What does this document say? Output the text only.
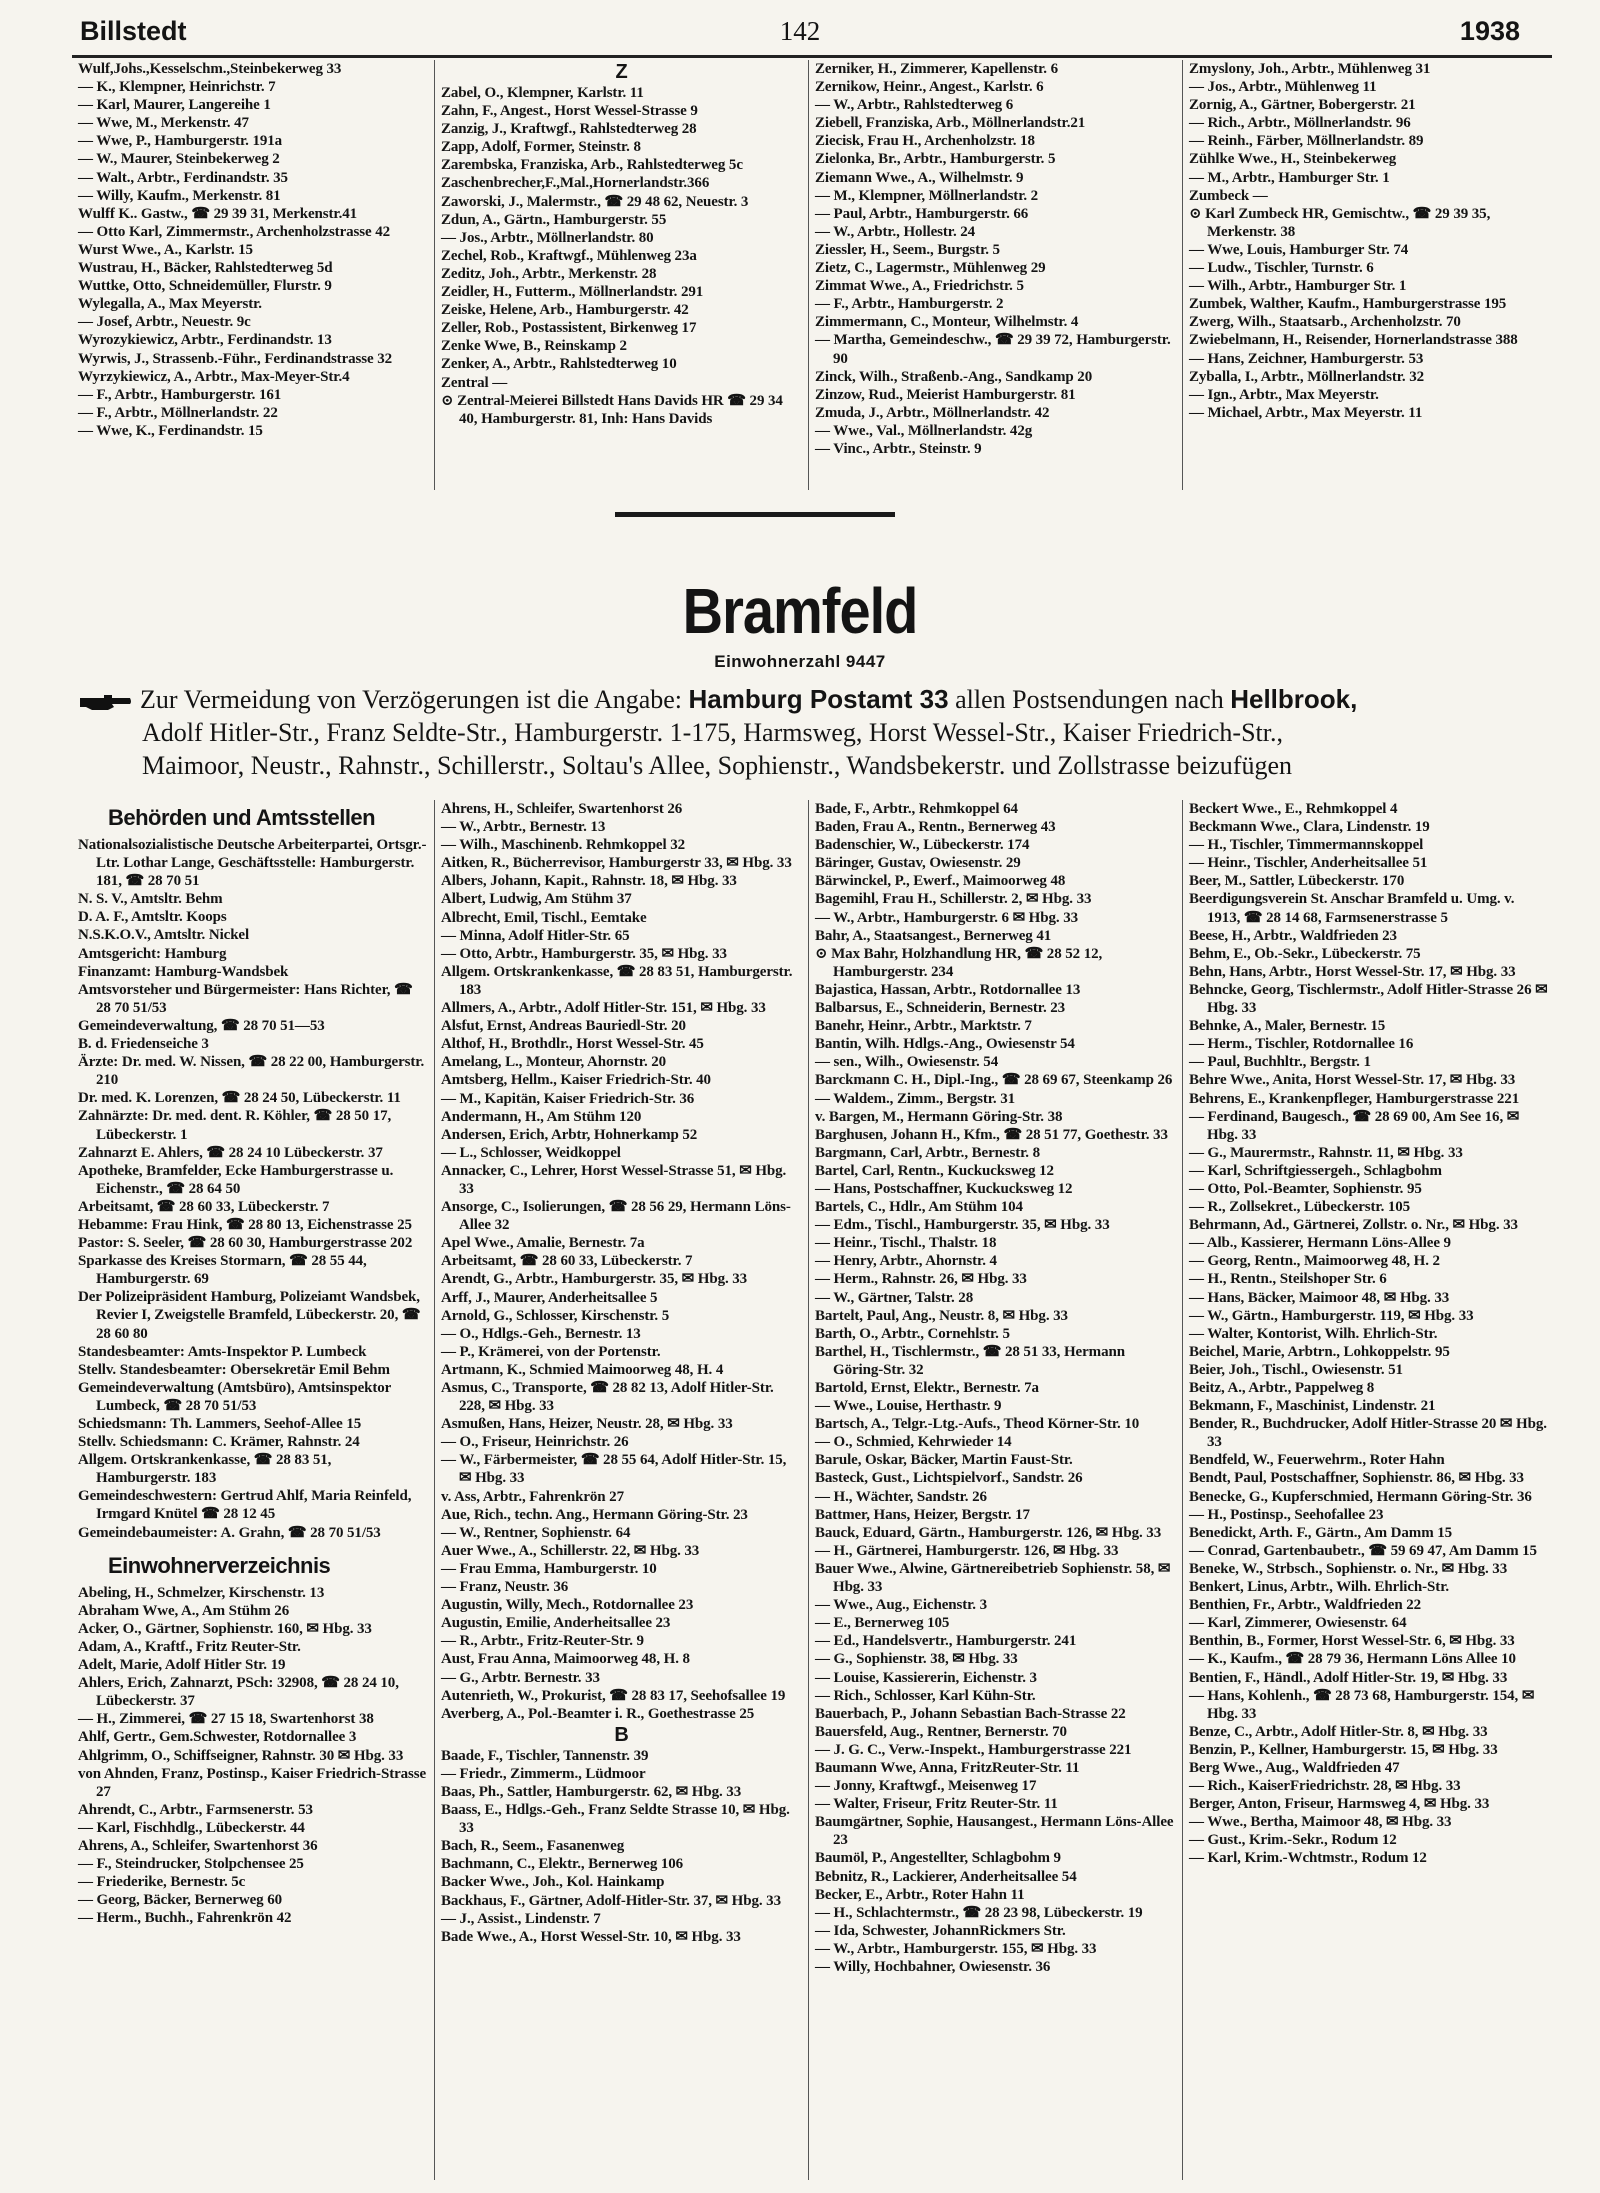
Billstedt	142	1938
Wulf,Johs.,Kesselschm.,Steinbekerweg 33
— K., Klempner, Heinrichstr. 7
— Karl, Maurer, Langereihe 1
— Wwe, M., Merkenstr. 47
— Wwe, P., Hamburgerstr. 191a
— W., Maurer, Steinbekerweg 2
— Walt., Arbtr., Ferdinandstr. 35
— Willy, Kaufm., Merkenstr. 81
Wulff K.. Gastw., ☎ 29 39 31, Merkenstr.41
— Otto Karl, Zimmermstr., Archenholzstrasse 42
Wurst Wwe., A., Karlstr. 15
Wustrau, H., Bäcker, Rahlstedterweg 5d
Wuttke, Otto, Schneidemüller, Flurstr. 9
Wylegalla, A., Max Meyerstr.
— Josef, Arbtr., Neuestr. 9c
Wyrozykiewicz, Arbtr., Ferdinandstr. 13
Wyrwis, J., Strassenb.-Führ., Ferdinandstrasse 32
Wyrzykiewicz, A., Arbtr., Max-Meyer-Str.4
— F., Arbtr., Hamburgerstr. 161
— F., Arbtr., Möllnerlandstr. 22
— Wwe, K., Ferdinandstr. 15
Z
Zabel, O., Klempner, Karlstr. 11
Zahn, F., Angest., Horst Wessel-Strasse 9
Zanzig, J., Kraftwgf., Rahlstedterweg 28
Zapp, Adolf, Former, Steinstr. 8
Zarembska, Franziska, Arb., Rahlstedterweg 5c
Zaschenbrecher,F.,Mal.,Hornerlandstr.366
Zaworski, J., Malermstr., ☎ 29 48 62, Neuestr. 3
Zdun, A., Gärtn., Hamburgerstr. 55
— Jos., Arbtr., Möllnerlandstr. 80
Zechel, Rob., Kraftwgf., Mühlenweg 23a
Zeditz, Joh., Arbtr., Merkenstr. 28
Zeidler, H., Futterm., Möllnerlandstr. 291
Zeiske, Helene, Arb., Hamburgerstr. 42
Zeller, Rob., Postassistent, Birkenweg 17
Zenke Wwe, B., Reinskamp 2
Zenker, A., Arbtr., Rahlstedterweg 10
Zentral —
⊙ Zentral-Meierei Billstedt Hans Davids HR ☎ 29 34 40, Hamburgerstr. 81, Inh: Hans Davids
Zerniker, H., Zimmerer, Kapellenstr. 6
Zernikow, Heinr., Angest., Karlstr. 6
— W., Arbtr., Rahlstedterweg 6
Ziebell, Franziska, Arb., Möllnerlandstr.21
Ziecisk, Frau H., Archenholzstr. 18
Zielonka, Br., Arbtr., Hamburgerstr. 5
Ziemann Wwe., A., Wilhelmstr. 9
— M., Klempner, Möllnerlandstr. 2
— Paul, Arbtr., Hamburgerstr. 66
— W., Arbtr., Hollestr. 24
Ziessler, H., Seem., Burgstr. 5
Zietz, C., Lagermstr., Mühlenweg 29
Zimmat Wwe., A., Friedrichstr. 5
— F., Arbtr., Hamburgerstr. 2
Zimmermann, C., Monteur, Wilhelmstr. 4
— Martha, Gemeindeschw., ☎ 29 39 72, Hamburgerstr. 90
Zinck, Wilh., Straßenb.-Ang., Sandkamp 20
Zinzow, Rud., Meierist Hamburgerstr. 81
Zmuda, J., Arbtr., Möllnerlandstr. 42
— Wwe., Val., Möllnerlandstr. 42g
— Vinc., Arbtr., Steinstr. 9
Zmyslony, Joh., Arbtr., Mühlenweg 31
— Jos., Arbtr., Mühlenweg 11
Zornig, A., Gärtner, Bobergerstr. 21
— Rich., Arbtr., Möllnerlandstr. 96
— Reinh., Färber, Möllnerlandstr. 89
Zühlke Wwe., H., Steinbekerweg
— M., Arbtr., Hamburger Str. 1
Zumbeck —
⊙ Karl Zumbeck HR, Gemischtw., ☎ 29 39 35, Merkenstr. 38
— Wwe, Louis, Hamburger Str. 74
— Ludw., Tischler, Turnstr. 6
— Wilh., Arbtr., Hamburger Str. 1
Zumbek, Walther, Kaufm., Hamburgerstrasse 195
Zwerg, Wilh., Staatsarb., Archenholzstr. 70
Zwiebelmann, H., Reisender, Hornerlandstrasse 388
— Hans, Zeichner, Hamburgerstr. 53
Zyballa, I., Arbtr., Möllnerlandstr. 32
— Ign., Arbtr., Max Meyerstr.
— Michael, Arbtr., Max Meyerstr. 11
Bramfeld
Einwohnerzahl 9447
Zur Vermeidung von Verzögerungen ist die Angabe: Hamburg Postamt 33 allen Postsendungen nach Hellbrook,
Adolf Hitler-Str., Franz Seldte-Str., Hamburgerstr. 1-175, Harmsweg, Horst Wessel-Str., Kaiser Friedrich-Str.,
Maimoor, Neustr., Rahnstr., Schillerstr., Soltau's Allee, Sophienstr., Wandsbekerstr. und Zollstrasse beizufügen
Behörden und Amtsstellen
Nationalsozialistische Deutsche Arbeiterpartei, Ortsgr.-Ltr. Lothar Lange, Geschäftsstelle: Hamburgerstr. 181, ☎ 28 70 51
N. S. V., Amtsltr. Behm
D. A. F., Amtsltr. Koops
N.S.K.O.V., Amtsltr. Nickel
Amtsgericht: Hamburg
Finanzamt: Hamburg-Wandsbek
Amtsvorsteher und Bürgermeister: Hans Richter, ☎ 28 70 51/53
Gemeindeverwaltung, ☎ 28 70 51—53
B. d. Friedenseiche 3
Ärzte: Dr. med. W. Nissen, ☎ 28 22 00, Hamburgerstr. 210
Dr. med. K. Lorenzen, ☎ 28 24 50, Lübeckerstr. 11
Zahnärzte: Dr. med. dent. R. Köhler, ☎ 28 50 17, Lübeckerstr. 1
Zahnarzt E. Ahlers, ☎ 28 24 10 Lübeckerstr. 37
Apotheke, Bramfelder, Ecke Hamburgerstrasse u. Eichenstr., ☎ 28 64 50
Arbeitsamt, ☎ 28 60 33, Lübeckerstr. 7
Hebamme: Frau Hink, ☎ 28 80 13, Eichenstrasse 25
Pastor: S. Seeler, ☎ 28 60 30, Hamburgerstrasse 202
Sparkasse des Kreises Stormarn, ☎ 28 55 44, Hamburgerstr. 69
Der Polizeipräsident Hamburg, Polizeiamt Wandsbek, Revier I, Zweigstelle Bramfeld, Lübeckerstr. 20, ☎ 28 60 80
Standesbeamter: Amts-Inspektor P. Lumbeck
Stellv. Standesbeamter: Obersekretär Emil Behm
Gemeindeverwaltung (Amtsbüro), Amtsinspektor Lumbeck, ☎ 28 70 51/53
Schiedsmann: Th. Lammers, Seehof-Allee 15
Stellv. Schiedsmann: C. Krämer, Rahnstr. 24
Allgem. Ortskrankenkasse, ☎ 28 83 51, Hamburgerstr. 183
Gemeindeschwestern: Gertrud Ahlf, Maria Reinfeld, Irmgard Knütel ☎ 28 12 45
Gemeindebaumeister: A. Grahn, ☎ 28 70 51/53
Einwohnerverzeichnis
Abeling, H., Schmelzer, Kirschenstr. 13
Abraham Wwe, A., Am Stühm 26
Acker, O., Gärtner, Sophienstr. 160, ✉ Hbg. 33
Adam, A., Kraftf., Fritz Reuter-Str.
Adelt, Marie, Adolf Hitler Str. 19
Ahlers, Erich, Zahnarzt, PSch: 32908, ☎ 28 24 10, Lübeckerstr. 37
— H., Zimmerei, ☎ 27 15 18, Swartenhorst 38
Ahlf, Gertr., Gem.Schwester, Rotdornallee 3
Ahlgrimm, O., Schiffseigner, Rahnstr. 30 ✉ Hbg. 33
von Ahnden, Franz, Postinsp., Kaiser Friedrich-Strasse 27
Ahrendt, C., Arbtr., Farmsenerstr. 53
— Karl, Fischhdlg., Lübeckerstr. 44
Ahrens, A., Schleifer, Swartenhorst 36
— F., Steindrucker, Stolpchensee 25
— Friederike, Bernestr. 5c
— Georg, Bäcker, Bernerweg 60
— Herm., Buchh., Fahrenkrön 42
Ahrens, H., Schleifer, Swartenhorst 26
— W., Arbtr., Bernestr. 13
— Wilh., Maschinenb. Rehmkoppel 32
Aitken, R., Bücherrevisor, Hamburgerstr 33, ✉ Hbg. 33
Albers, Johann, Kapit., Rahnstr. 18, ✉ Hbg. 33
Albert, Ludwig, Am Stühm 37
Albrecht, Emil, Tischl., Eemtake
— Minna, Adolf Hitler-Str. 65
— Otto, Arbtr., Hamburgerstr. 35, ✉ Hbg. 33
Allgem. Ortskrankenkasse, ☎ 28 83 51, Hamburgerstr. 183
Allmers, A., Arbtr., Adolf Hitler-Str. 151, ✉ Hbg. 33
Alsfut, Ernst, Andreas Bauriedl-Str. 20
Althof, H., Brothdlr., Horst Wessel-Str. 45
Amelang, L., Monteur, Ahornstr. 20
Amtsberg, Hellm., Kaiser Friedrich-Str. 40
— M., Kapitän, Kaiser Friedrich-Str. 36
Andermann, H., Am Stühm 120
Andersen, Erich, Arbtr, Hohnerkamp 52
— L., Schlosser, Weidkoppel
Annacker, C., Lehrer, Horst Wessel-Strasse 51, ✉ Hbg. 33
Ansorge, C., Isolierungen, ☎ 28 56 29, Hermann Löns-Allee 32
Apel Wwe., Amalie, Bernestr. 7a
Arbeitsamt, ☎ 28 60 33, Lübeckerstr. 7
Arendt, G., Arbtr., Hamburgerstr. 35, ✉ Hbg. 33
Arff, J., Maurer, Anderheitsallee 5
Arnold, G., Schlosser, Kirschenstr. 5
— O., Hdlgs.-Geh., Bernestr. 13
— P., Krämerei, von der Portenstr.
Artmann, K., Schmied Maimoorweg 48, H. 4
Asmus, C., Transporte, ☎ 28 82 13, Adolf Hitler-Str. 228, ✉ Hbg. 33
Asmußen, Hans, Heizer, Neustr. 28, ✉ Hbg. 33
— O., Friseur, Heinrichstr. 26
— W., Färbermeister, ☎ 28 55 64, Adolf Hitler-Str. 15, ✉ Hbg. 33
v. Ass, Arbtr., Fahrenkrön 27
Aue, Rich., techn. Ang., Hermann Göring-Str. 23
— W., Rentner, Sophienstr. 64
Auer Wwe., A., Schillerstr. 22, ✉ Hbg. 33
— Frau Emma, Hamburgerstr. 10
— Franz, Neustr. 36
Augustin, Willy, Mech., Rotdornallee 23
Augustin, Emilie, Anderheitsallee 23
— R., Arbtr., Fritz-Reuter-Str. 9
Aust, Frau Anna, Maimoorweg 48, H. 8
— G., Arbtr. Bernestr. 33
Autenrieth, W., Prokurist, ☎ 28 83 17, Seehofsallee 19
Averberg, A., Pol.-Beamter i. R., Goethestrasse 25
B
Baade, F., Tischler, Tannenstr. 39
— Friedr., Zimmerm., Lüdmoor
Baas, Ph., Sattler, Hamburgerstr. 62, ✉ Hbg. 33
Baass, E., Hdlgs.-Geh., Franz Seldte Strasse 10, ✉ Hbg. 33
Bach, R., Seem., Fasanenweg
Bachmann, C., Elektr., Bernerweg 106
Backer Wwe., Joh., Kol. Hainkamp
Backhaus, F., Gärtner, Adolf-Hitler-Str. 37, ✉ Hbg. 33
— J., Assist., Lindenstr. 7
Bade Wwe., A., Horst Wessel-Str. 10, ✉ Hbg. 33
Bade, F., Arbtr., Rehmkoppel 64
Baden, Frau A., Rentn., Bernerweg 43
Badenschier, W., Lübeckerstr. 174
Bäringer, Gustav, Owiesenstr. 29
Bärwinckel, P., Ewerf., Maimoorweg 48
Bagemihl, Frau H., Schillerstr. 2, ✉ Hbg. 33
— W., Arbtr., Hamburgerstr. 6 ✉ Hbg. 33
Bahr, A., Staatsangest., Bernerweg 41
⊙ Max Bahr, Holzhandlung HR, ☎ 28 52 12, Hamburgerstr. 234
Bajastica, Hassan, Arbtr., Rotdornallee 13
Balbarsus, E., Schneiderin, Bernestr. 23
Banehr, Heinr., Arbtr., Marktstr. 7
Bantin, Wilh. Hdlgs.-Ang., Owiesenstr 54
— sen., Wilh., Owiesenstr. 54
Barckmann C. H., Dipl.-Ing., ☎ 28 69 67, Steenkamp 26
— Waldem., Zimm., Bergstr. 31
v. Bargen, M., Hermann Göring-Str. 38
Barghusen, Johann H., Kfm., ☎ 28 51 77, Goethestr. 33
Bargmann, Carl, Arbtr., Bernestr. 8
Bartel, Carl, Rentn., Kuckucksweg 12
— Hans, Postschaffner, Kuckucksweg 12
Bartels, C., Hdlr., Am Stühm 104
— Edm., Tischl., Hamburgerstr. 35, ✉ Hbg. 33
— Heinr., Tischl., Thalstr. 18
— Henry, Arbtr., Ahornstr. 4
— Herm., Rahnstr. 26, ✉ Hbg. 33
— W., Gärtner, Talstr. 28
Bartelt, Paul, Ang., Neustr. 8, ✉ Hbg. 33
Barth, O., Arbtr., Cornehlstr. 5
Barthel, H., Tischlermstr., ☎ 28 51 33, Hermann Göring-Str. 32
Bartold, Ernst, Elektr., Bernestr. 7a
— Wwe., Louise, Herthastr. 9
Bartsch, A., Telgr.-Ltg.-Aufs., Theod Körner-Str. 10
— O., Schmied, Kehrwieder 14
Barule, Oskar, Bäcker, Martin Faust-Str.
Basteck, Gust., Lichtspielvorf., Sandstr. 26
— H., Wächter, Sandstr. 26
Battmer, Hans, Heizer, Bergstr. 17
Bauck, Eduard, Gärtn., Hamburgerstr. 126, ✉ Hbg. 33
— H., Gärtnerei, Hamburgerstr. 126, ✉ Hbg. 33
Bauer Wwe., Alwine, Gärtnereibetrieb Sophienstr. 58, ✉ Hbg. 33
— Wwe., Aug., Eichenstr. 3
— E., Bernerweg 105
— Ed., Handelsvertr., Hamburgerstr. 241
— G., Sophienstr. 38, ✉ Hbg. 33
— Louise, Kassiererin, Eichenstr. 3
— Rich., Schlosser, Karl Kühn-Str.
Bauerbach, P., Johann Sebastian Bach-Strasse 22
Bauersfeld, Aug., Rentner, Bernerstr. 70
— J. G. C., Verw.-Inspekt., Hamburgerstrasse 221
Baumann Wwe, Anna, FritzReuter-Str. 11
— Jonny, Kraftwgf., Meisenweg 17
— Walter, Friseur, Fritz Reuter-Str. 11
Baumgärtner, Sophie, Hausangest., Hermann Löns-Allee 23
Baumöl, P., Angestellter, Schlagbohm 9
Bebnitz, R., Lackierer, Anderheitsallee 54
Becker, E., Arbtr., Roter Hahn 11
— H., Schlachtermstr., ☎ 28 23 98, Lübeckerstr. 19
— Ida, Schwester, JohannRickmers Str.
— W., Arbtr., Hamburgerstr. 155, ✉ Hbg. 33
— Willy, Hochbahner, Owiesenstr. 36
Beckert Wwe., E., Rehmkoppel 4
Beckmann Wwe., Clara, Lindenstr. 19
— H., Tischler, Timmermannskoppel
— Heinr., Tischler, Anderheitsallee 51
Beer, M., Sattler, Lübeckerstr. 170
Beerdigungsverein St. Anschar Bramfeld u. Umg. v. 1913, ☎ 28 14 68, Farmsenerstrasse 5
Beese, H., Arbtr., Waldfrieden 23
Behm, E., Ob.-Sekr., Lübeckerstr. 75
Behn, Hans, Arbtr., Horst Wessel-Str. 17, ✉ Hbg. 33
Behncke, Georg, Tischlermstr., Adolf Hitler-Strasse 26 ✉ Hbg. 33
Behnke, A., Maler, Bernestr. 15
— Herm., Tischler, Rotdornallee 16
— Paul, Buchhltr., Bergstr. 1
Behre Wwe., Anita, Horst Wessel-Str. 17, ✉ Hbg. 33
Behrens, E., Krankenpfleger, Hamburgerstrasse 221
— Ferdinand, Baugesch., ☎ 28 69 00, Am See 16, ✉ Hbg. 33
— G., Maurermstr., Rahnstr. 11, ✉ Hbg. 33
— Karl, Schriftgiessergeh., Schlagbohm
— Otto, Pol.-Beamter, Sophienstr. 95
— R., Zollsekret., Lübeckerstr. 105
Behrmann, Ad., Gärtnerei, Zollstr. o. Nr., ✉ Hbg. 33
— Alb., Kassierer, Hermann Löns-Allee 9
— Georg, Rentn., Maimoorweg 48, H. 2
— H., Rentn., Steilshoper Str. 6
— Hans, Bäcker, Maimoor 48, ✉ Hbg. 33
— W., Gärtn., Hamburgerstr. 119, ✉ Hbg. 33
— Walter, Kontorist, Wilh. Ehrlich-Str.
Beichel, Marie, Arbtrn., Lohkoppelstr. 95
Beier, Joh., Tischl., Owiesenstr. 51
Beitz, A., Arbtr., Pappelweg 8
Bekmann, F., Maschinist, Lindenstr. 21
Bender, R., Buchdrucker, Adolf Hitler-Strasse 20 ✉ Hbg. 33
Bendfeld, W., Feuerwehrm., Roter Hahn
Bendt, Paul, Postschaffner, Sophienstr. 86, ✉ Hbg. 33
Benecke, G., Kupferschmied, Hermann Göring-Str. 36
— H., Postinsp., Seehofallee 23
Benedickt, Arth. F., Gärtn., Am Damm 15
— Conrad, Gartenbaubetr., ☎ 59 69 47, Am Damm 15
Beneke, W., Strbsch., Sophienstr. o. Nr., ✉ Hbg. 33
Benkert, Linus, Arbtr., Wilh. Ehrlich-Str.
Benthien, Fr., Arbtr., Waldfrieden 22
— Karl, Zimmerer, Owiesenstr. 64
Benthin, B., Former, Horst Wessel-Str. 6, ✉ Hbg. 33
— K., Kaufm., ☎ 28 79 36, Hermann Löns Allee 10
Bentien, F., Händl., Adolf Hitler-Str. 19, ✉ Hbg. 33
— Hans, Kohlenh., ☎ 28 73 68, Hamburgerstr. 154, ✉ Hbg. 33
Benze, C., Arbtr., Adolf Hitler-Str. 8, ✉ Hbg. 33
Benzin, P., Kellner, Hamburgerstr. 15, ✉ Hbg. 33
Berg Wwe., Aug., Waldfrieden 47
— Rich., KaiserFriedrichstr. 28, ✉ Hbg. 33
Berger, Anton, Friseur, Harmsweg 4, ✉ Hbg. 33
— Wwe., Bertha, Maimoor 48, ✉ Hbg. 33
— Gust., Krim.-Sekr., Rodum 12
— Karl, Krim.-Wchtmstr., Rodum 12
